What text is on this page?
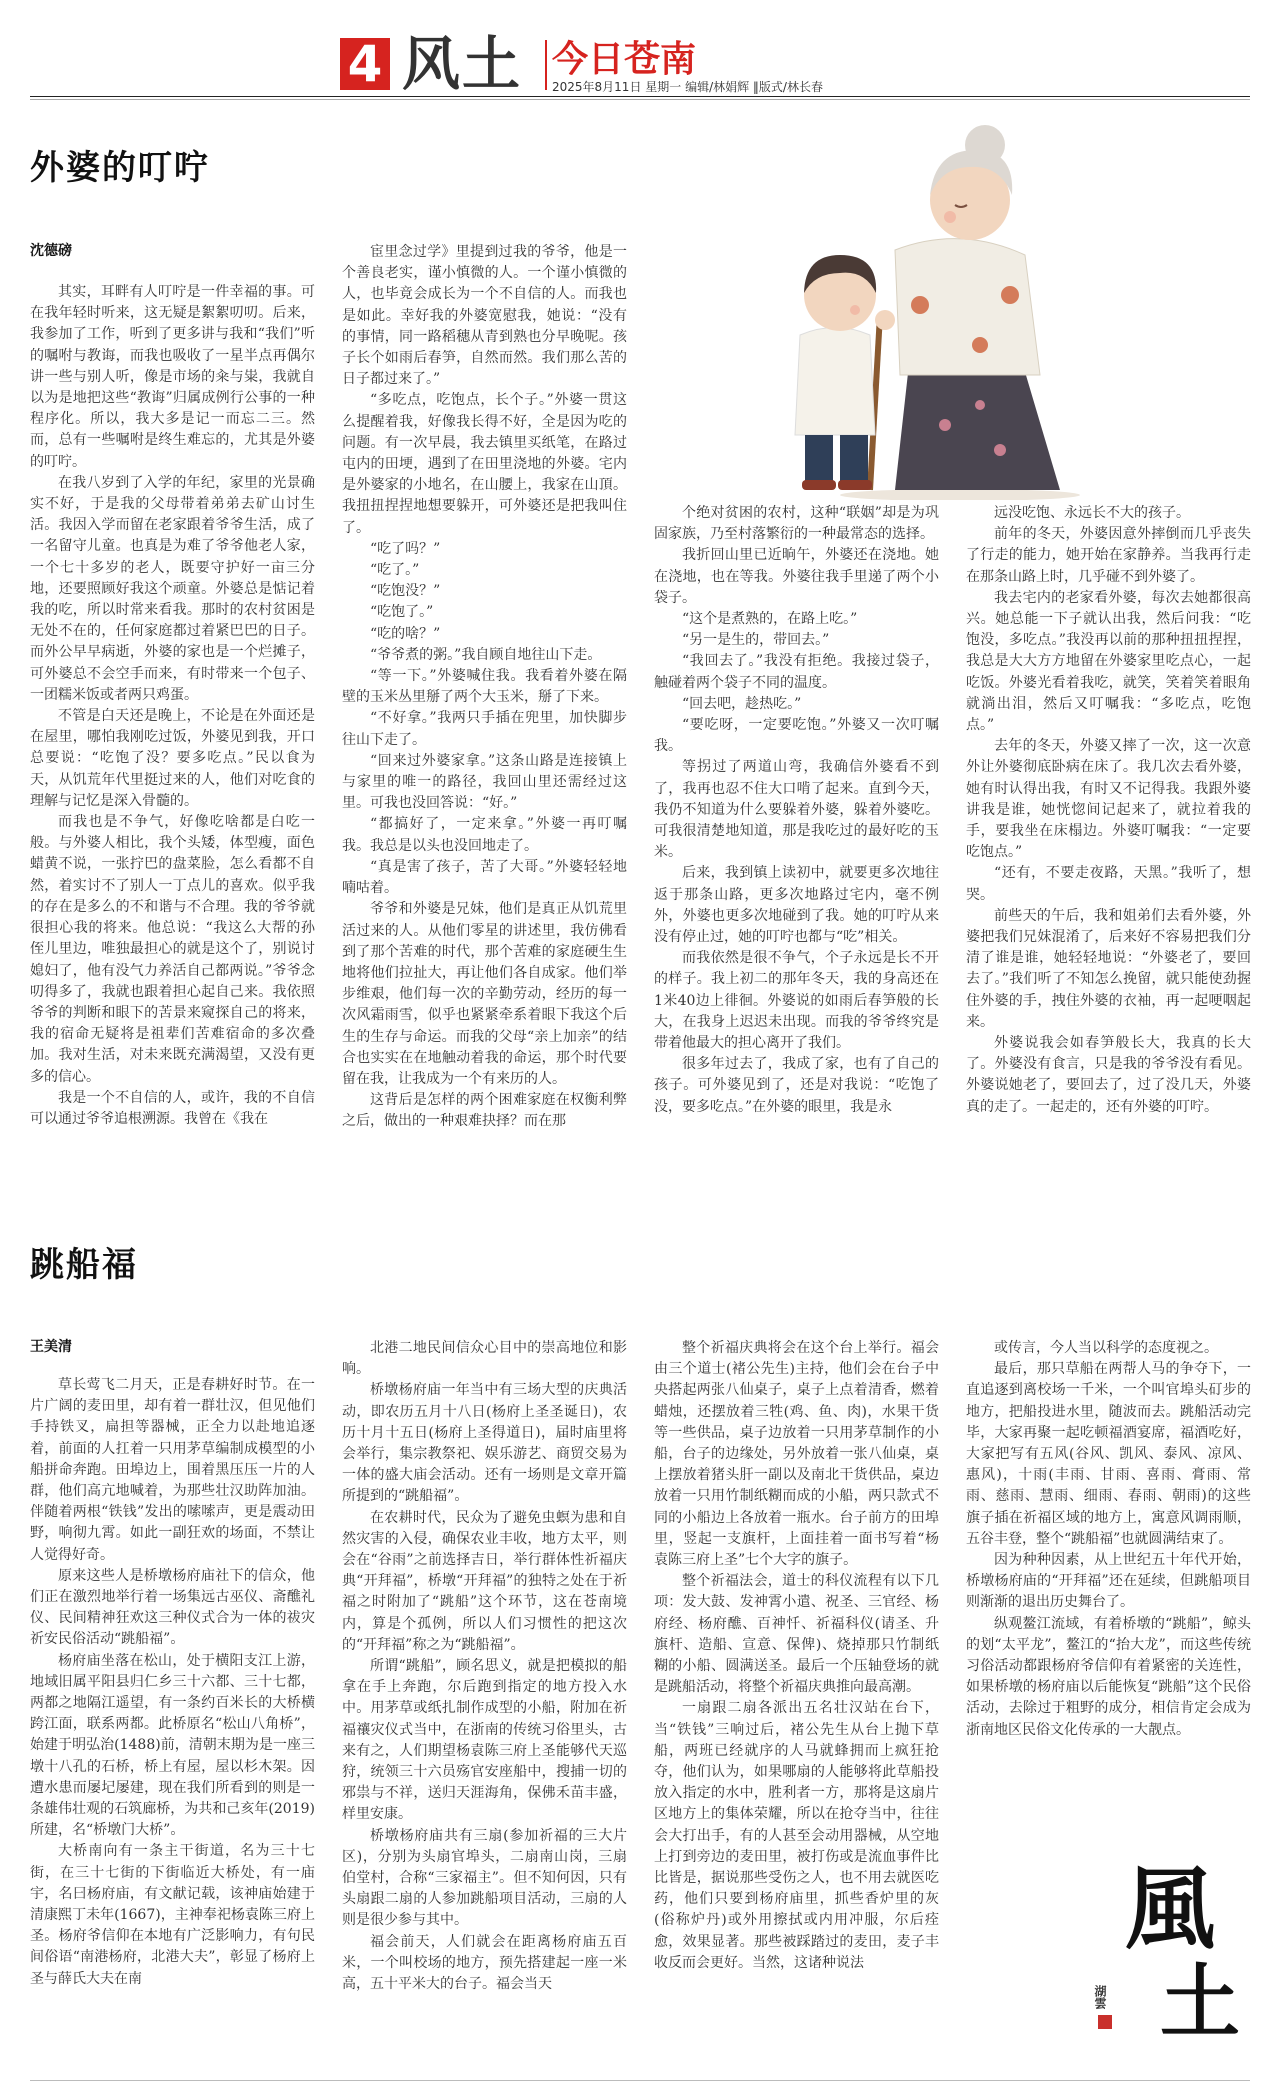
4 风土 今日苍南
2025年8月11日 星期一 编辑/林娟辉 ‖版式/林长春
外婆的叮咛
沈德磅

其实，耳畔有人叮咛是一件幸福的事。可在我年轻时听来，这无疑是絮絮叨叨。后来，我参加了工作，听到了更多讲与我和“我们”听的嘱咐与教诲，而我也吸收了一星半点再偶尔讲一些与别人听，像是市场的籴与粜，我就自以为是地把这些“教诲”归属成例行公事的一种程序化。所以，我大多是记一而忘二三。然而，总有一些嘱咐是终生难忘的，尤其是外婆的叮咛。

在我八岁到了入学的年纪，家里的光景确实不好，于是我的父母带着弟弟去矿山讨生活。我因入学而留在老家跟着爷爷生活，成了一名留守儿童。也真是为难了爷爷他老人家，一个七十多岁的老人，既要守护好一亩三分地，还要照顾好我这个顽童。外婆总是惦记着我的吃，所以时常来看我。那时的农村贫困是无处不在的，任何家庭都过着紧巴巴的日子。而外公早早病逝，外婆的家也是一个烂摊子，可外婆总不会空手而来，有时带来一个包子、一团糯米饭或者两只鸡蛋。

不管是白天还是晚上，不论是在外面还是在屋里，哪怕我刚吃过饭，外婆见到我，开口总要说：“吃饱了没？要多吃点。”民以食为天，从饥荒年代里挺过来的人，他们对吃食的理解与记忆是深入骨髓的。

而我也是不争气，好像吃啥都是白吃一般。与外婆人相比，我个头矮，体型瘦，面色蜡黄不说，一张拧巴的盘菜脸，怎么看都不自然，着实讨不了别人一丁点儿的喜欢。似乎我的存在是多么的不和谐与不合理。我的爷爷就很担心我的将来。他总说：“我这么大帮的孙侄儿里边，唯独最担心的就是这个了，别说讨媳妇了，他有没气力养活自己都两说。”爷爷念叨得多了，我就也跟着担心起自己来。我依照爷爷的判断和眼下的苦景来窥探自己的将来，我的宿命无疑将是祖辈们苦难宿命的多次叠加。我对生活，对未来既充满渴望，又没有更多的信心。

我是一个不自信的人，或许，我的不自信可以通过爷爷追根溯源。我曾在《我在

宦里念过学》里提到过我的爷爷，他是一个善良老实，谨小慎微的人。一个谨小慎微的人，也毕竟会成长为一个不自信的人。而我也是如此。幸好我的外婆宽慰我，她说：“没有的事情，同一路稻穗从青到熟也分早晚呢。孩子长个如雨后春笋，自然而然。我们那么苦的日子都过来了。”

“多吃点，吃饱点，长个子。”外婆一贯这么提醒着我，好像我长得不好，全是因为吃的问题。有一次早晨，我去镇里买纸笔，在路过屯内的田埂，遇到了在田里浇地的外婆。宅内是外婆家的小地名，在山腰上，我家在山頂。我扭扭捏捏地想要躲开，可外婆还是把我叫住了。

“吃了吗？”

“吃了。”

“吃饱没？”

“吃饱了。”

“吃的啥？”

“爷爷煮的粥。”我自顾自地往山下走。

“等一下。”外婆喊住我。我看着外婆在隔壁的玉米丛里掰了两个大玉米，掰了下来。

“不好拿。”我两只手插在兜里，加快脚步往山下走了。

“回来过外婆家拿。”这条山路是连接镇上与家里的唯一的路径，我回山里还需经过这里。可我也没回答说：“好。”

“都搞好了，一定来拿。”外婆一再叮嘱我。我总是以头也没回地走了。

“真是害了孩子，苦了大哥。”外婆轻轻地喃咕着。

爷爷和外婆是兄妹，他们是真正从饥荒里活过来的人。从他们零星的讲述里，我仿佛看到了那个苦难的时代，那个苦难的家庭硬生生地将他们拉扯大，再让他们各自成家。他们举步维艰，他们每一次的辛勤劳动，经历的每一次风霜雨雪，似乎也紧紧牵系着眼下我这个后生的生存与命运。而我的父母“亲上加亲”的结合也实实在在地触动着我的命运，那个时代要留在我，让我成为一个有来历的人。

这背后是怎样的两个困难家庭在权衡利弊之后，做出的一种艰难抉择？而在那

个绝对贫困的农村，这种“联姻”却是为巩固家族，乃至村落繁衍的一种最常态的选择。

我折回山里已近晌午，外婆还在浇地。她在浇地，也在等我。外婆往我手里递了两个小袋子。

“这个是煮熟的，在路上吃。”

“另一是生的，带回去。”

“我回去了。”我没有拒绝。我接过袋子，触碰着两个袋子不同的温度。

“回去吧，趁热吃。”

“要吃呀，一定要吃饱。”外婆又一次叮嘱我。

等拐过了两道山弯，我确信外婆看不到了，我再也忍不住大口啃了起来。直到今天，我仍不知道为什么要躲着外婆，躲着外婆吃。可我很清楚地知道，那是我吃过的最好吃的玉米。

后来，我到镇上读初中，就要更多次地往返于那条山路，更多次地路过宅内，毫不例外，外婆也更多次地碰到了我。她的叮咛从来没有停止过，她的叮咛也都与“吃”相关。

而我依然是很不争气，个子永远是长不开的样子。我上初二的那年冬天，我的身高还在1米40边上徘徊。外婆说的如雨后春笋般的长大，在我身上迟迟未出现。而我的爷爷终究是带着他最大的担心离开了我们。

很多年过去了，我成了家，也有了自己的孩子。可外婆见到了，还是对我说：“吃饱了没，要多吃点。”在外婆的眼里，我是永

远没吃饱、永远长不大的孩子。

前年的冬天，外婆因意外摔倒而几乎丧失了行走的能力，她开始在家静养。当我再行走在那条山路上时，几乎碰不到外婆了。

我去宅内的老家看外婆，每次去她都很高兴。她总能一下子就认出我，然后问我：“吃饱没，多吃点。”我没再以前的那种扭扭捏捏，我总是大大方方地留在外婆家里吃点心，一起吃饭。外婆光看着我吃，就笑，笑着笑着眼角就淌出泪，然后又叮嘱我：“多吃点，吃饱点。”

去年的冬天，外婆又摔了一次，这一次意外让外婆彻底卧病在床了。我几次去看外婆，她有时认得出我，有时又不记得我。我跟外婆讲我是谁，她恍惚间记起来了，就拉着我的手，要我坐在床榻边。外婆叮嘱我：“一定要吃饱点。”

“还有，不要走夜路，天黑。”我听了，想哭。

前些天的午后，我和姐弟们去看外婆，外婆把我们兄妹混淆了，后来好不容易把我们分清了谁是谁，她轻轻地说：“外婆老了，要回去了。”我们听了不知怎么挽留，就只能使劲握住外婆的手，拽住外婆的衣袖，再一起哽咽起来。

外婆说我会如春笋般长大，我真的长大了。外婆没有食言，只是我的爷爷没有看见。外婆说她老了，要回去了，过了没几天，外婆真的走了。一起走的，还有外婆的叮咛。

跳船福
王美清

草长莺飞二月天，正是春耕好时节。在一片广阔的麦田里，却有着一群壮汉，但见他们手持铁叉，扁担等器械，正全力以赴地追逐着，前面的人扛着一只用茅草编制成模型的小船拼命奔跑。田埠边上，围着黑压压一片的人群，他们高亢地喊着，为那些壮汉助阵加油。伴随着两根“铁钱”发出的嗦嗦声，更是震动田野，响彻九霄。如此一副狂欢的场面，不禁让人觉得好奇。

原来这些人是桥墩杨府庙社下的信众，他们正在激烈地举行着一场集远古巫仪、斋醮礼仪、民间精神狂欢这三种仪式合为一体的祓灾祈安民俗活动“跳船福”。

杨府庙坐落在松山，处于横阳支江上游，地域旧属平阳县归仁乡三十六都、三十七都，两都之地隔江遥望，有一条约百米长的大桥横跨江面，联系两都。此桥原名“松山八角桥”，始建于明弘治(1488)前，清朝末期为是一座三墩十八孔的石桥，桥上有屋，屋以杉木架。因遭水患而屡圮屡建，现在我们所看到的则是一条雄伟壮观的石筑廊桥，为共和己亥年(2019)所建，名“桥墩门大桥”。

大桥南向有一条主干街道，名为三十七街，在三十七街的下街临近大桥处，有一庙宇，名曰杨府庙，有文献记载，该神庙始建于清康熙丁未年(1667)，主神奉祀杨袁陈三府上圣。杨府爷信仰在本地有广泛影响力，有句民间俗语“南港杨府，北港大夫”，彰显了杨府上圣与薛氏大夫在南

北港二地民间信众心目中的崇高地位和影响。

桥墩杨府庙一年当中有三场大型的庆典活动，即农历五月十八日(杨府上圣圣诞日)，农历十月十五日(杨府上圣得道日)，届时庙里将会举行，集宗教祭祀、娱乐游艺、商贸交易为一体的盛大庙会活动。还有一场则是文章开篇所提到的“跳船福”。

在农耕时代，民众为了避免虫螟为患和自然灾害的入侵，确保农业丰收，地方太平，则会在“谷雨”之前选择吉日，举行群体性祈福庆典“开拜福”，桥墩“开拜福”的独特之处在于祈福之时附加了“跳船”这个环节，这在苍南境内，算是个孤例，所以人们习惯性的把这次的“开拜福”称之为“跳船福”。

所谓“跳船”，顾名思义，就是把模拟的船拿在手上奔跑，尔后跑到指定的地方投入水中。用茅草或纸扎制作成型的小船，附加在祈福禳灾仪式当中，在浙南的传统习俗里头，古来有之，人们期望杨袁陈三府上圣能够代天巡狩，统领三十六员殇官安座船中，搜捕一切的邪祟与不祥，送归天涯海角，保佛禾苗丰盛，样里安康。

桥墩杨府庙共有三扇(参加祈福的三大片区)，分别为头扇官埠头，二扇南山岗，三扇伯堂村，合称“三家福主”。但不知何因，只有头扇跟二扇的人参加跳船项目活动，三扇的人则是很少参与其中。

福会前天，人们就会在距离杨府庙五百米，一个叫校场的地方，预先搭建起一座一米高，五十平米大的台子。福会当天

整个祈福庆典将会在这个台上举行。福会由三个道士(褚公先生)主持，他们会在台子中央搭起两张八仙桌子，桌子上点着清香，燃着蜡烛，还摆放着三牲(鸡、鱼、肉)，水果干货等一些供品，桌子边放着一只用茅草制作的小船，台子的边缘处，另外放着一张八仙桌，桌上摆放着猪头肝一副以及南北干货供品，桌边放着一只用竹制纸糊而成的小船，两只款式不同的小船边上各放着一瓶水。台子前方的田埠里，竖起一支旗杆，上面挂着一面书写着“杨袁陈三府上圣”七个大字的旗子。

整个祈福法会，道士的科仪流程有以下几项：发大鼓、发神霄小遣、祝圣、三官经、杨府经、杨府醮、百神忏、祈福科仪(请圣、升旗杆、造船、宣意、保俾)、烧掉那只竹制纸糊的小船、圆满送圣。最后一个压轴登场的就是跳船活动，将整个祈福庆典推向最高潮。

一扇跟二扇各派出五名壮汉站在台下，当“铁钱”三响过后，褚公先生从台上抛下草船，两班已经就序的人马就蜂拥而上疯狂抢夺，他们认为，如果哪扇的人能够将此草船投放入指定的水中，胜利者一方，那将是这扇片区地方上的集体荣耀，所以在抢夺当中，往往会大打出手，有的人甚至会动用器械，从空地上打到旁边的麦田里，被打伤或是流血事件比比皆是，据说那些受伤之人，也不用去就医吃药，他们只要到杨府庙里，抓些香炉里的灰(俗称炉丹)或外用擦拭或内用冲服，尔后痊愈，效果显著。那些被踩踏过的麦田，麦子丰收反而会更好。当然，这诸种说法

或传言，今人当以科学的态度视之。

最后，那只草船在两帮人马的争夺下，一直追逐到离校场一千米，一个叫官埠头矴步的地方，把船投进水里，随波而去。跳船活动完毕，大家再聚一起吃顿福酒宴席，福酒吃好，大家把写有五风(谷风、凯风、泰风、凉风、惠风)，十雨(丰雨、甘雨、喜雨、膏雨、常雨、慈雨、慧雨、细雨、春雨、朝雨)的这些旗子插在祈福区域的地方上，寓意风调雨顺，五谷丰登，整个“跳船福”也就圆满结束了。

因为种种因素，从上世纪五十年代开始，桥墩杨府庙的“开拜福”还在延续，但跳船项目则渐渐的退出历史舞台了。

纵观鳌江流域，有着桥墩的“跳船”，鲸头的划“太平龙”，鳌江的“抬大龙”，而这些传统习俗活动都跟杨府爷信仰有着紧密的关连性，如果桥墩的杨府庙以后能恢复“跳船”这个民俗活动，去除过于粗野的成分，相信肯定会成为浙南地区民俗文化传承的一大靓点。

風
土
湖雲
